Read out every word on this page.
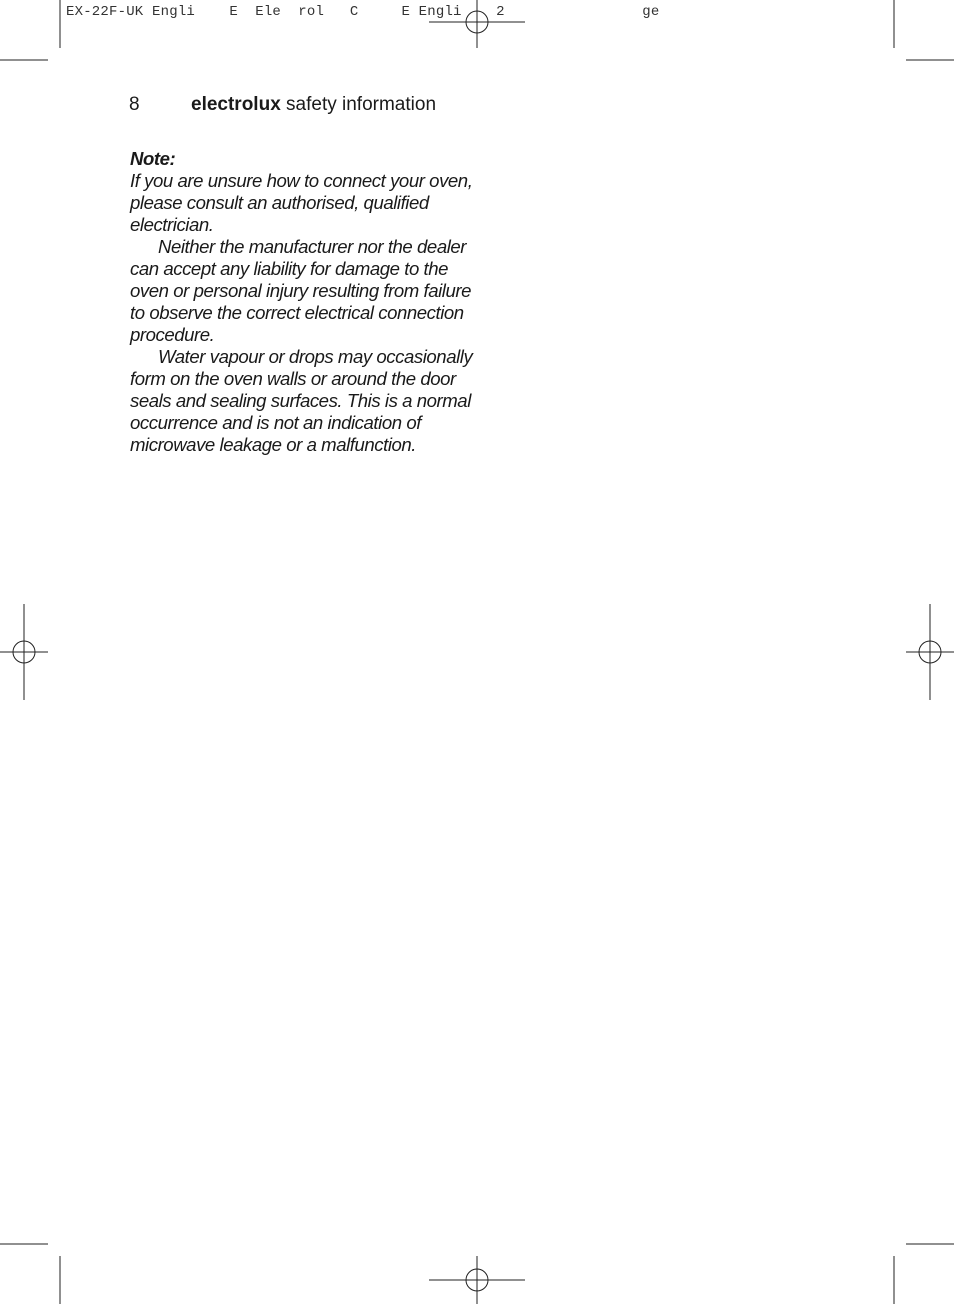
EX-22F-UK Engli    E  Ele  rol   C     E Engli    2                ge
8	electrolux safety information

Note:

If you are unsure how to connect your oven, please consult an authorised, qualified electrician.

Neither the manufacturer nor the dealer can accept any liability for damage to the oven or personal injury resulting from failure to observe the correct electrical connection procedure.

Water vapour or drops may occasionally form on the oven walls or around the door seals and sealing surfaces. This is a normal occurrence and is not an indication of microwave leakage or a malfunction.
